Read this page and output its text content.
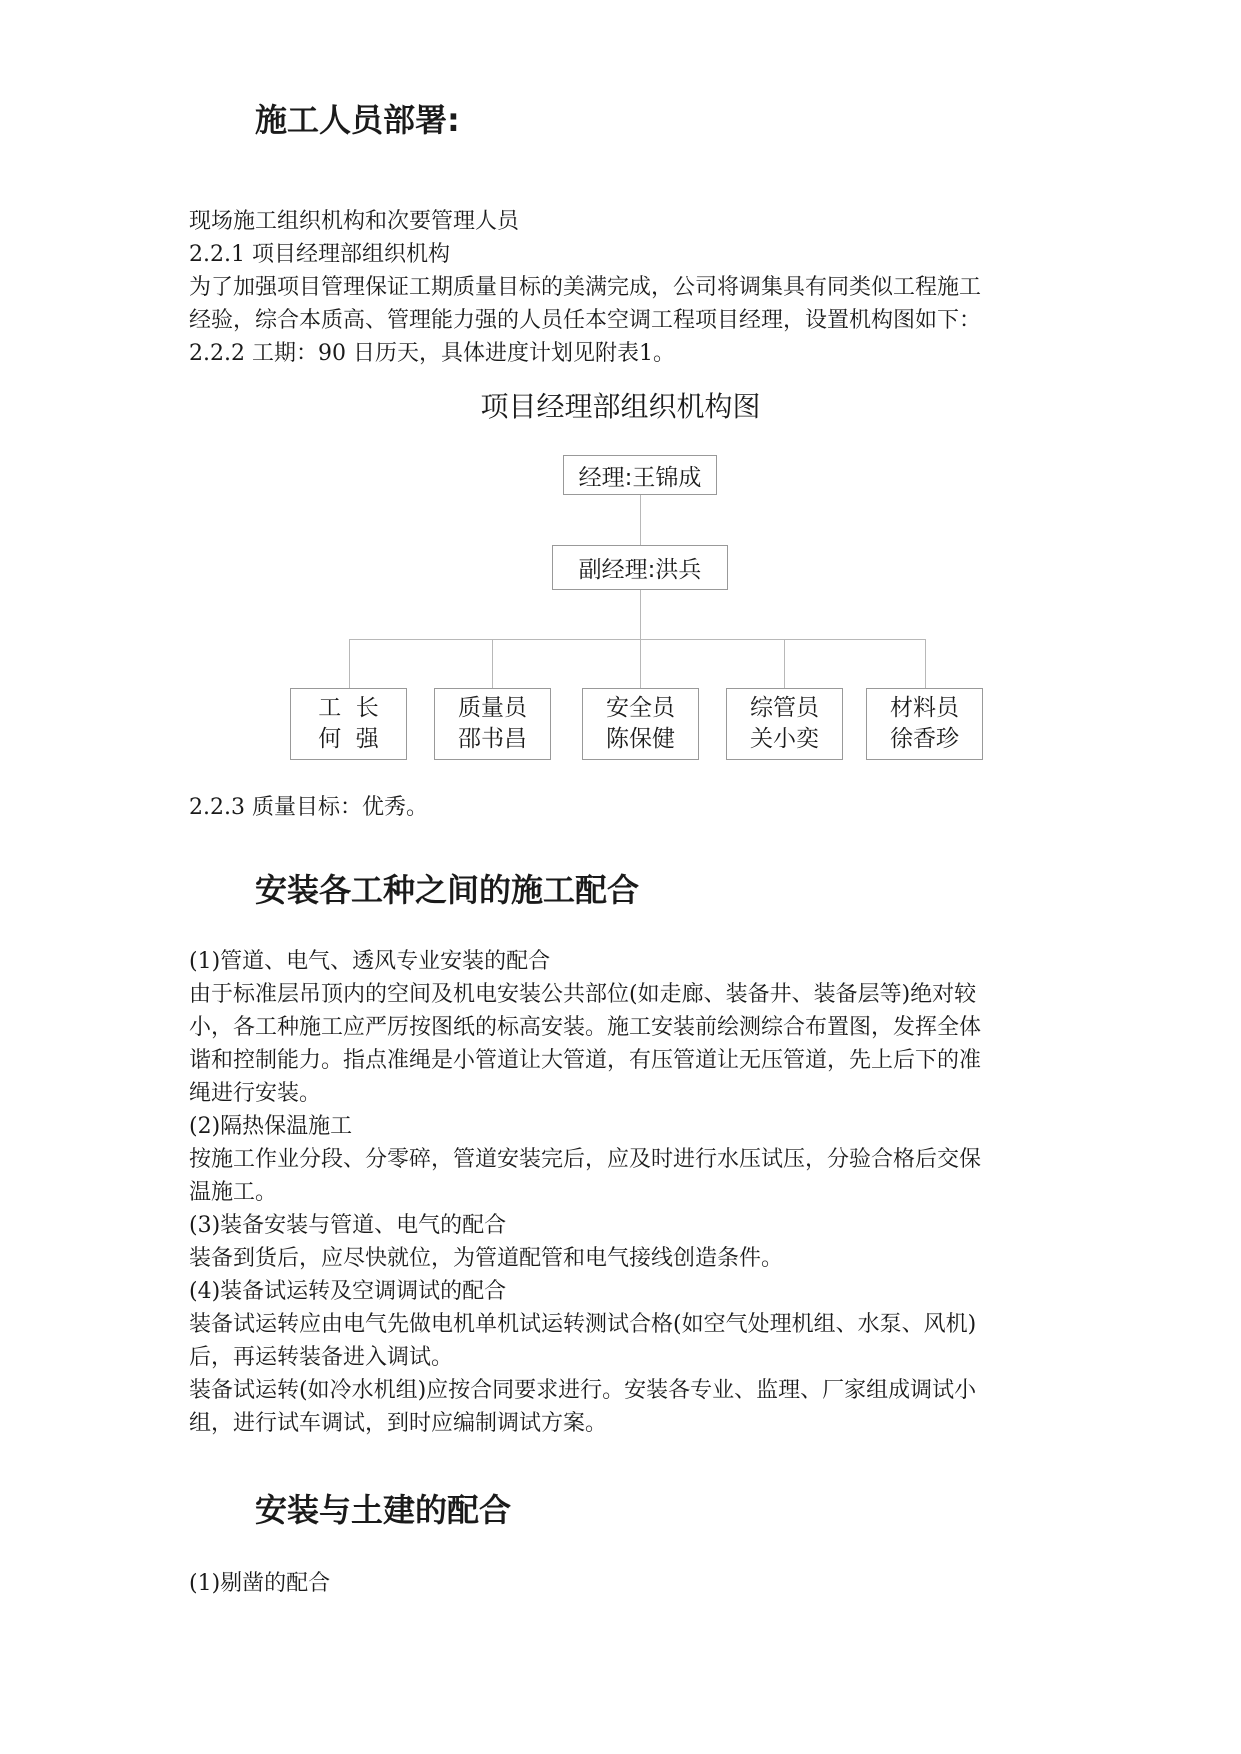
施工人员部署:

现场施工组织机构和次要管理人员

2.2.1 项目经理部组织机构

为了加强项目管理保证工期质量目标的美满完成，公司将调集具有同类似工程施工

经验，综合本质高、管理能力强的人员任本空调工程项目经理，设置机构图如下：

2.2.2 工期：90 日历天，具体进度计划见附表1。

项目经理部组织机构图
经理:王锦成
副经理:洪兵
工  长
何  强
质量员
邵书昌
安全员
陈保健
综管员
关小奕
材料员
徐香珍

2.2.3 质量目标：优秀。

安装各工种之间的施工配合

(1)管道、电气、透风专业安装的配合

由于标准层吊顶内的空间及机电安装公共部位(如走廊、装备井、装备层等)绝对较

小，各工种施工应严厉按图纸的标高安装。施工安装前绘测综合布置图，发挥全体

谐和控制能力。指点准绳是小管道让大管道，有压管道让无压管道，先上后下的准

绳进行安装。

(2)隔热保温施工

按施工作业分段、分零碎，管道安装完后，应及时进行水压试压，分验合格后交保

温施工。

(3)装备安装与管道、电气的配合

装备到货后，应尽快就位，为管道配管和电气接线创造条件。

(4)装备试运转及空调调试的配合

装备试运转应由电气先做电机单机试运转测试合格(如空气处理机组、水泵、风机)

后，再运转装备进入调试。

装备试运转(如冷水机组)应按合同要求进行。安装各专业、监理、厂家组成调试小

组，进行试车调试，到时应编制调试方案。

安装与土建的配合

(1)剔凿的配合
